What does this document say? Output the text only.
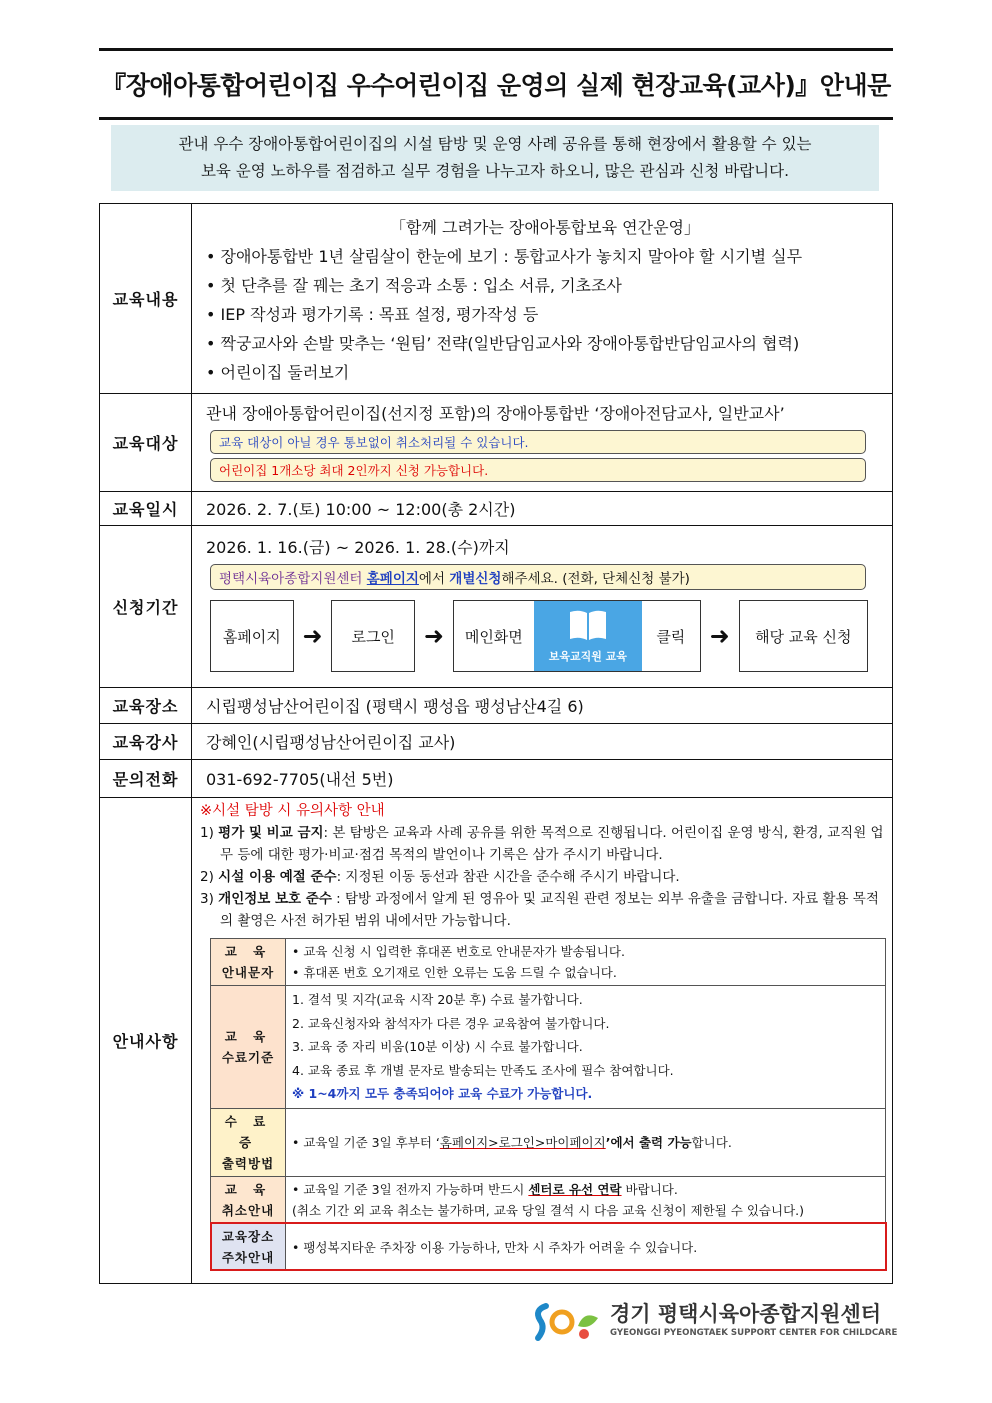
『장애아통합어린이집 우수어린이집 운영의 실제 현장교육(교사)』안내문
관내 우수 장애아통합어린이집의 시설 탐방 및 운영 사례 공유를 통해 현장에서 활용할 수 있는
보육 운영 노하우를 점검하고 실무 경험을 나누고자 하오니, 많은 관심과 신청 바랍니다.
교육내용	
「함께 그려가는 장애아통합보육 연간운영」
• 장애아통합반 1년 살림살이 한눈에 보기 : 통합교사가 놓치지 말아야 할 시기별 실무
• 첫 단추를 잘 꿰는 초기 적응과 소통 : 입소 서류, 기초조사
• IEP 작성과 평가기록 : 목표 설정, 평가작성 등
• 짝궁교사와 손발 맞추는 ‘원팀’ 전략(일반담임교사와 장애아통합반담임교사의 협력)
• 어린이집 둘러보기

교육대상	
관내 장애아통합어린이집(선지정 포함)의 장애아통합반 ‘장애아전담교사, 일반교사’
교육 대상이 아닐 경우 통보없이 취소처리될 수 있습니다.
어린이집 1개소당 최대 2인까지 신청 가능합니다.

교육일시	2026. 2. 7.(토) 10:00 ~ 12:00(총 2시간)
신청기간	
2026. 1. 16.(금) ~ 2026. 1. 28.(수)까지
평택시육아종합지원센터 홈페이지에서 개별신청해주세요. (전화, 단체신청 불가)
홈페이지 ➜	로그인	➜	메인화면
보육교직원 교육
클릭	➜	해당 교육 신청

교육장소	시립팽성남산어린이집 (평택시 팽성읍 팽성남산4길 6)
교육강사	강혜인(시립팽성남산어린이집 교사)
문의전화	031-692-7705(내선 5번)
안내사항	
※시설 탐방 시 유의사항 안내
1) 평가 및 비교 금지: 본 탐방은 교육과 사례 공유를 위한 목적으로 진행됩니다. 어린이집 운영 방식, 환경, 교직원 업무 등에 대한 평가·비교·점검 목적의 발언이나 기록은 삼가 주시기 바랍니다.
2) 시설 이용 예절 준수: 지정된 이동 동선과 참관 시간을 준수해 주시기 바랍니다.
3) 개인정보 보호 준수 : 탐방 과정에서 알게 된 영유아 및 교직원 관련 정보는 외부 유출을 금합니다. 자료 활용 목적의 촬영은 사전 허가된 범위 내에서만 가능합니다.
교 육
안내문자

• 교육 신청 시 입력한 휴대폰 번호로 안내문자가 발송됩니다.
• 휴대폰 번호 오기재로 인한 오류는 도움 드릴 수 없습니다.

교 육
수료기준

1. 결석 및 지각(교육 시작 20분 후) 수료 불가합니다.
2. 교육신청자와 참석자가 다른 경우 교육참여 불가합니다.
3. 교육 중 자리 비움(10분 이상) 시 수료 불가합니다.
4. 교육 종료 후 개별 문자로 발송되는 만족도 조사에 필수 참여합니다.
※ 1~4까지 모두 충족되어야 교육 수료가 가능합니다.

수 료 증
출력방법
	• 교육일 기준 3일 후부터 ‘홈페이지>로그인>마이페이지’에서 출력 가능합니다.

교 육
취소안내

• 교육일 기준 3일 전까지 가능하며 반드시 센터로 유선 연락 바랍니다.
(취소 기간 외 교육 취소는 불가하며, 교육 당일 결석 시 다음 교육 신청이 제한될 수 있습니다.)

교육장소
주차안내
	• 팽성복지타운 주차장 이용 가능하나, 만차 시 주차가 어려울 수 있습니다.
경기 평택시육아종합지원센터
GYEONGGI PYEONGTAEK SUPPORT CENTER FOR CHILDCARE
